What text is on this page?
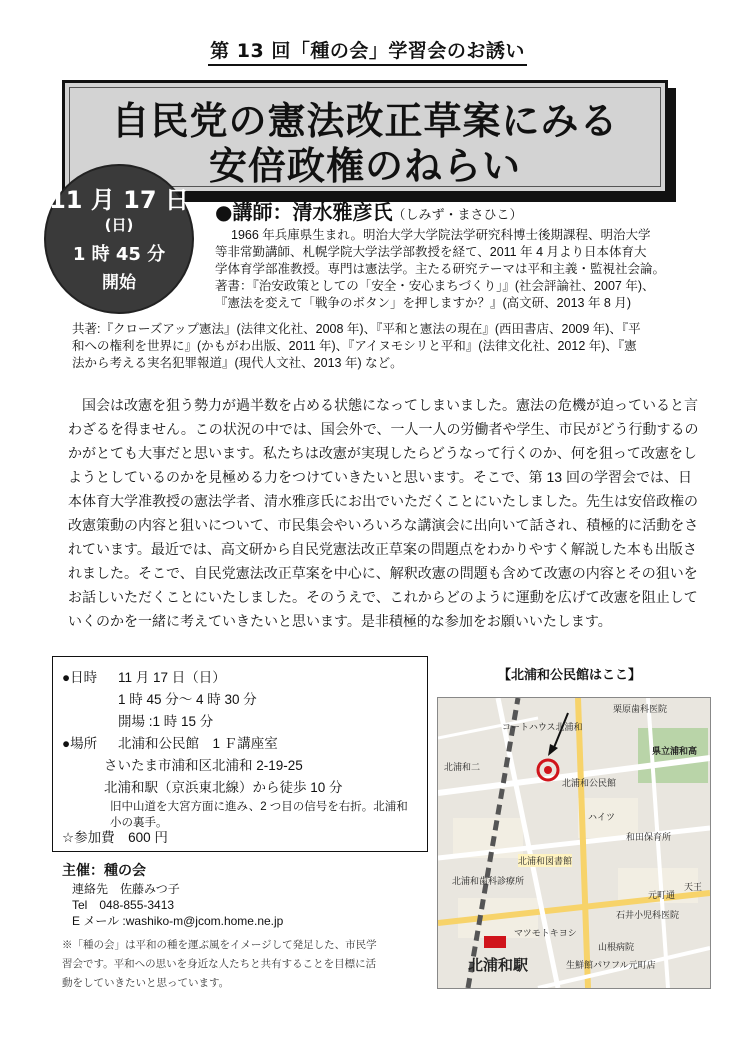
第 13 回「種の会」学習会のお誘い
自民党の憲法改正草案にみる
安倍政権のねらい
11 月 17 日
(日)
1 時 45 分
開始
●講師：清水雅彦氏（しみず・まさひこ）
1966 年兵庫県生まれ。明治大学大学院法学研究科博士後期課程、明治大学
等非常勤講師、札幌学院大学法学部教授を経て、2011 年 4 月より日本体育大
学体育学部准教授。専門は憲法学。主たる研究テーマは平和主義・監視社会論。
著書：『治安政策としての「安全・安心まちづくり」』(社会評論社、2007 年)、
『憲法を変えて「戦争のボタン」を押しますか？』(高文研、2013 年 8 月)
共著:『クローズアップ憲法』(法律文化社、2008 年)、『平和と憲法の現在』(西田書店、2009 年)、『平
和への権利を世界に』(かもがわ出版、2011 年)、『アイヌモシリと平和』(法律文化社、2012 年)、『憲
法から考える実名犯罪報道』(現代人文社、2013 年) など。
国会は改憲を狙う勢力が過半数を占める状態になってしまいました。憲法の危機が迫っていると言
わざるを得ません。この状況の中では、国会外で、一人一人の労働者や学生、市民がどう行動するの
かがとても大事だと思います。私たちは改憲が実現したらどうなって行くのか、何を狙って改憲をし
ようとしているのかを見極める力をつけていきたいと思います。そこで、第 13 回の学習会では、日
本体育大学准教授の憲法学者、清水雅彦氏にお出でいただくことにいたしました。先生は安倍政権の
改憲策動の内容と狙いについて、市民集会やいろいろな講演会に出向いて話され、積極的に活動をさ
れています。最近では、高文研から自民党憲法改正草案の問題点をわかりやすく解説した本も出版さ
れました。そこで、自民党憲法改正草案を中心に、解釈改憲の問題も含めて改憲の内容とその狙いを
お話しいただくことにいたしました。そのうえで、これからどのように運動を広げて改憲を阻止して
いくのかを一緒に考えていきたいと思います。是非積極的な参加をお願いいたします。
●日時 11 月 17 日（日）
1 時 45 分～ 4 時 30 分
開場 :1 時 15 分
●場所 北浦和公民館　1 Ｆ講座室
さいたま市浦和区北浦和 2-19-25
北浦和駅（京浜東北線）から徒歩 10 分
旧中山道を大宮方面に進み、2 つ目の信号を右折。北浦和
小の裏手。
☆参加費　600 円
主催：種の会
連絡先　佐藤みつ子
Tel　048-855-3413
E メール :washiko-m@jcom.home.ne.jp
※「種の会」は平和の種を運ぶ風をイメージして発足した、市民学
習会です。平和への思いを身近な人たちと共有することを目標に活
動をしていきたいと思っています。
【北浦和公民館はここ】
栗原歯科医院
県立浦和高
コートハウス北浦和
北浦和二
北浦和公民館
ハイツ
和田保育所
北浦和図書館
北浦和歯科診療所
元町通
石井小児科医院
天王
マツモトキヨシ
山根病院
北浦和駅	生鮮館パワフル元町店
